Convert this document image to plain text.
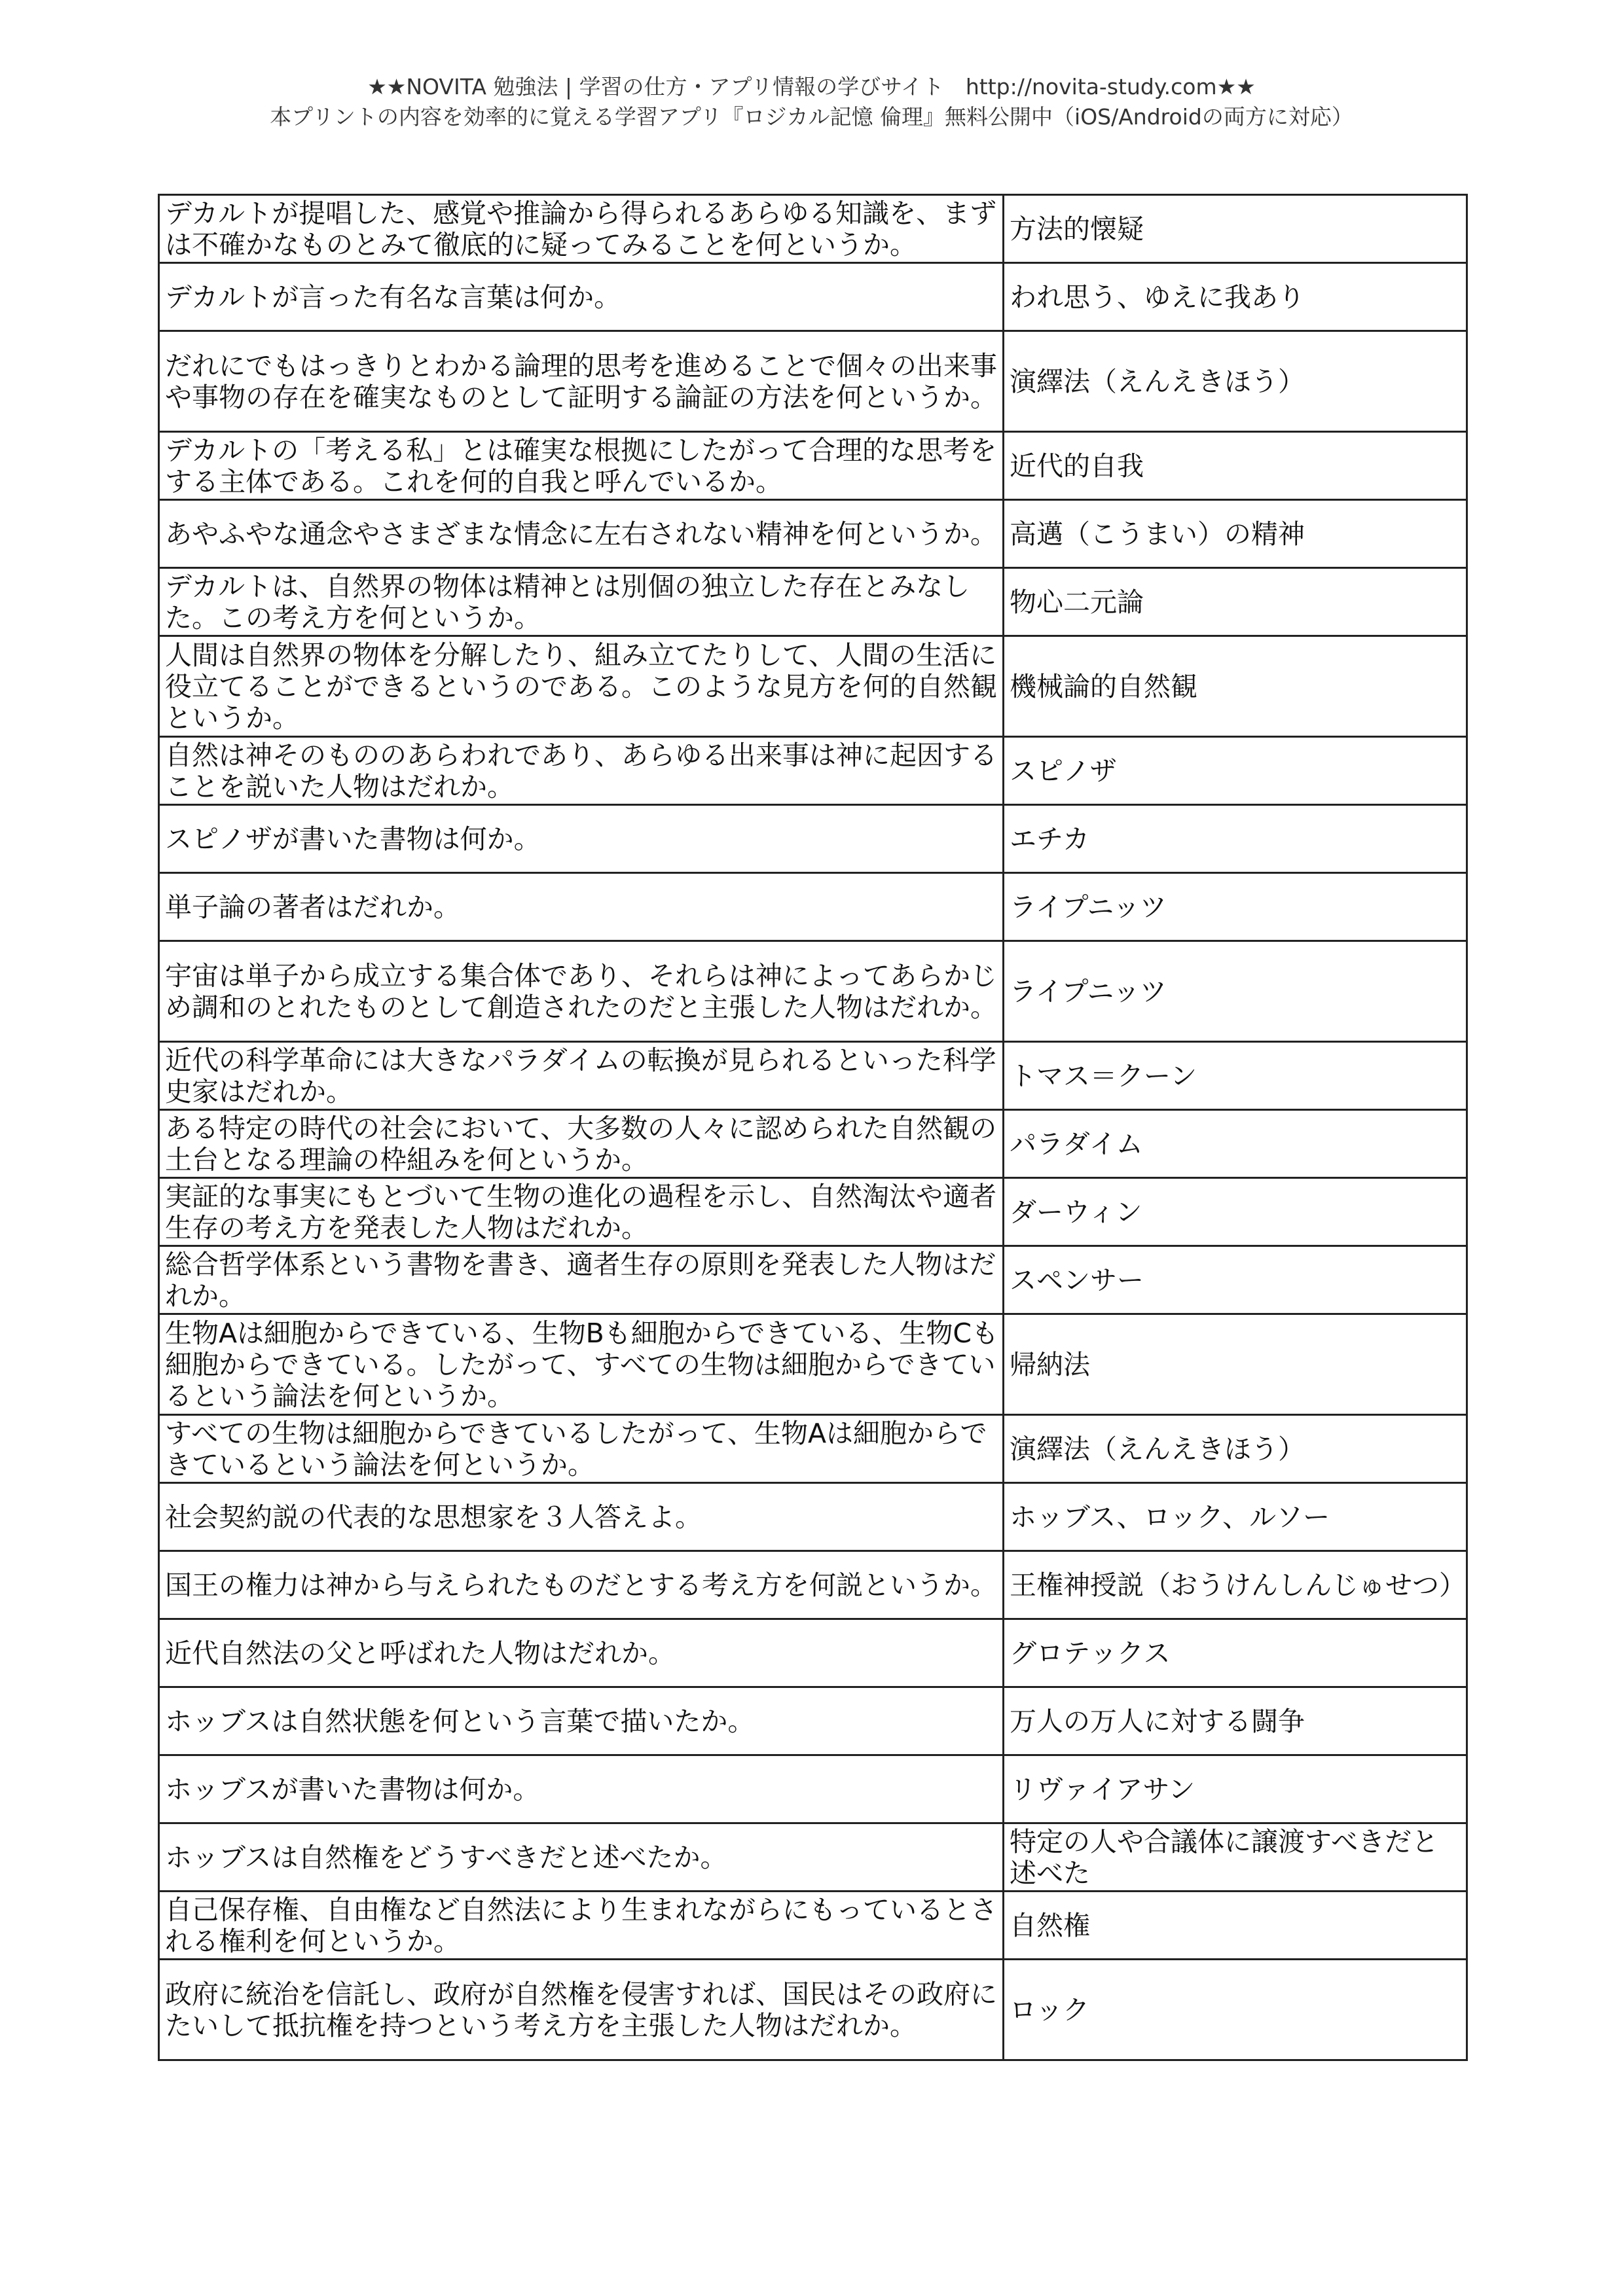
★★NOVITA 勉強法 | 学習の仕方・アプリ情報の学びサイト　http://novita-study.com★★
本プリントの内容を効率的に覚える学習アプリ『ロジカル記憶 倫理』無料公開中（iOS/Androidの両方に対応）
デカルトが提唱した、感覚や推論から得られるあらゆる知識を、まずは不確かなものとみて徹底的に疑ってみることを何というか。	方法的懐疑
デカルトが言った有名な言葉は何か。	われ思う、ゆえに我あり
だれにでもはっきりとわかる論理的思考を進めることで個々の出来事や事物の存在を確実なものとして証明する論証の方法を何というか。	演繹法（えんえきほう）
デカルトの「考える私」とは確実な根拠にしたがって合理的な思考をする主体である。これを何的自我と呼んでいるか。	近代的自我
あやふやな通念やさまざまな情念に左右されない精神を何というか。	高邁（こうまい）の精神
デカルトは、自然界の物体は精神とは別個の独立した存在とみなした。この考え方を何というか。	物心二元論
人間は自然界の物体を分解したり、組み立てたりして、人間の生活に役立てることができるというのである。このような見方を何的自然観というか。	機械論的自然観
自然は神そのもののあらわれであり、あらゆる出来事は神に起因することを説いた人物はだれか。	スピノザ
スピノザが書いた書物は何か。	エチカ
単子論の著者はだれか。	ライプニッツ
宇宙は単子から成立する集合体であり、それらは神によってあらかじめ調和のとれたものとして創造されたのだと主張した人物はだれか。	ライプニッツ
近代の科学革命には大きなパラダイムの転換が見られるといった科学史家はだれか。	トマス＝クーン
ある特定の時代の社会において、大多数の人々に認められた自然観の土台となる理論の枠組みを何というか。	パラダイム
実証的な事実にもとづいて生物の進化の過程を示し、自然淘汰や適者生存の考え方を発表した人物はだれか。	ダーウィン
総合哲学体系という書物を書き、適者生存の原則を発表した人物はだれか。	スペンサー
生物Aは細胞からできている、生物Bも細胞からできている、生物Cも細胞からできている。したがって、すべての生物は細胞からできているという論法を何というか。	帰納法
すべての生物は細胞からできているしたがって、生物Aは細胞からできているという論法を何というか。	演繹法（えんえきほう）
社会契約説の代表的な思想家を３人答えよ。	ホッブス、ロック、ルソー
国王の権力は神から与えられたものだとする考え方を何説というか。	王権神授説（おうけんしんじゅせつ）
近代自然法の父と呼ばれた人物はだれか。	グロテックス
ホッブスは自然状態を何という言葉で描いたか。	万人の万人に対する闘争
ホッブスが書いた書物は何か。	リヴァイアサン
ホッブスは自然権をどうすべきだと述べたか。	特定の人や合議体に譲渡すべきだと述べた
自己保存権、自由権など自然法により生まれながらにもっているとされる権利を何というか。	自然権
政府に統治を信託し、政府が自然権を侵害すれば、国民はその政府にたいして抵抗権を持つという考え方を主張した人物はだれか。	ロック
